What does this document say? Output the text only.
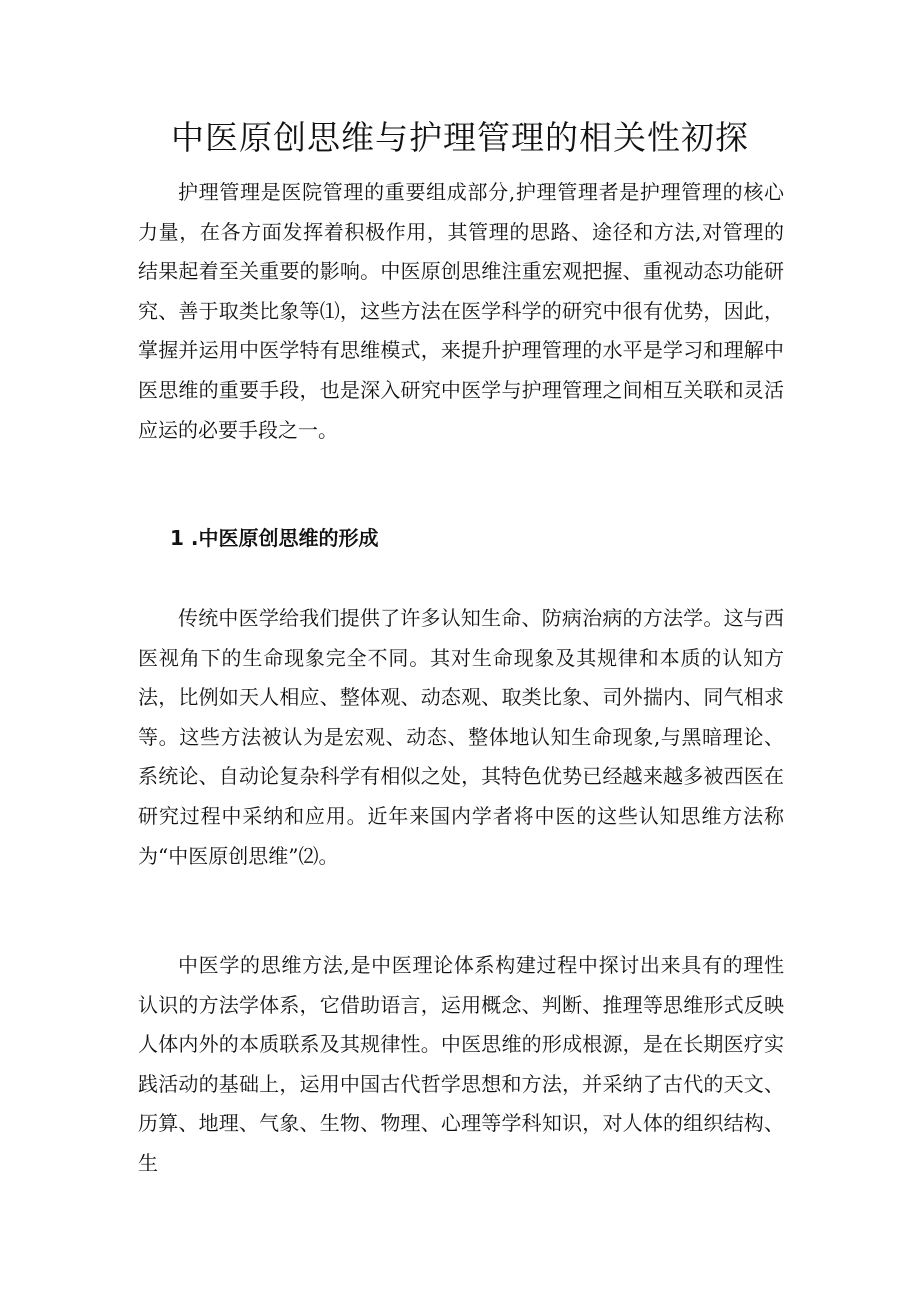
中医原创思维与护理管理的相关性初探

护理管理是医院管理的重要组成部分,护理管理者是护理管理的核心力量，在各方面发挥着积极作用，其管理的思路、途径和方法,对管理的结果起着至关重要的影响。中医原创思维注重宏观把握、重视动态功能研究、善于取类比象等⑴，这些方法在医学科学的研究中很有优势，因此，掌握并运用中医学特有思维模式，来提升护理管理的水平是学习和理解中医思维的重要手段，也是深入研究中医学与护理管理之间相互关联和灵活应运的必要手段之一。

1 .中医原创思维的形成

传统中医学给我们提供了许多认知生命、防病治病的方法学。这与西医视角下的生命现象完全不同。其对生命现象及其规律和本质的认知方法，比例如天人相应、整体观、动态观、取类比象、司外揣内、同气相求等。这些方法被认为是宏观、动态、整体地认知生命现象,与黑暗理论、系统论、自动论复杂科学有相似之处，其特色优势已经越来越多被西医在研究过程中采纳和应用。近年来国内学者将中医的这些认知思维方法称为“中医原创思维”⑵。

中医学的思维方法,是中医理论体系构建过程中探讨出来具有的理性认识的方法学体系，它借助语言，运用概念、判断、推理等思维形式反映人体内外的本质联系及其规律性。中医思维的形成根源，是在长期医疗实践活动的基础上，运用中国古代哲学思想和方法，并采纳了古代的天文、历算、地理、气象、生物、物理、心理等学科知识，对人体的组织结构、生
